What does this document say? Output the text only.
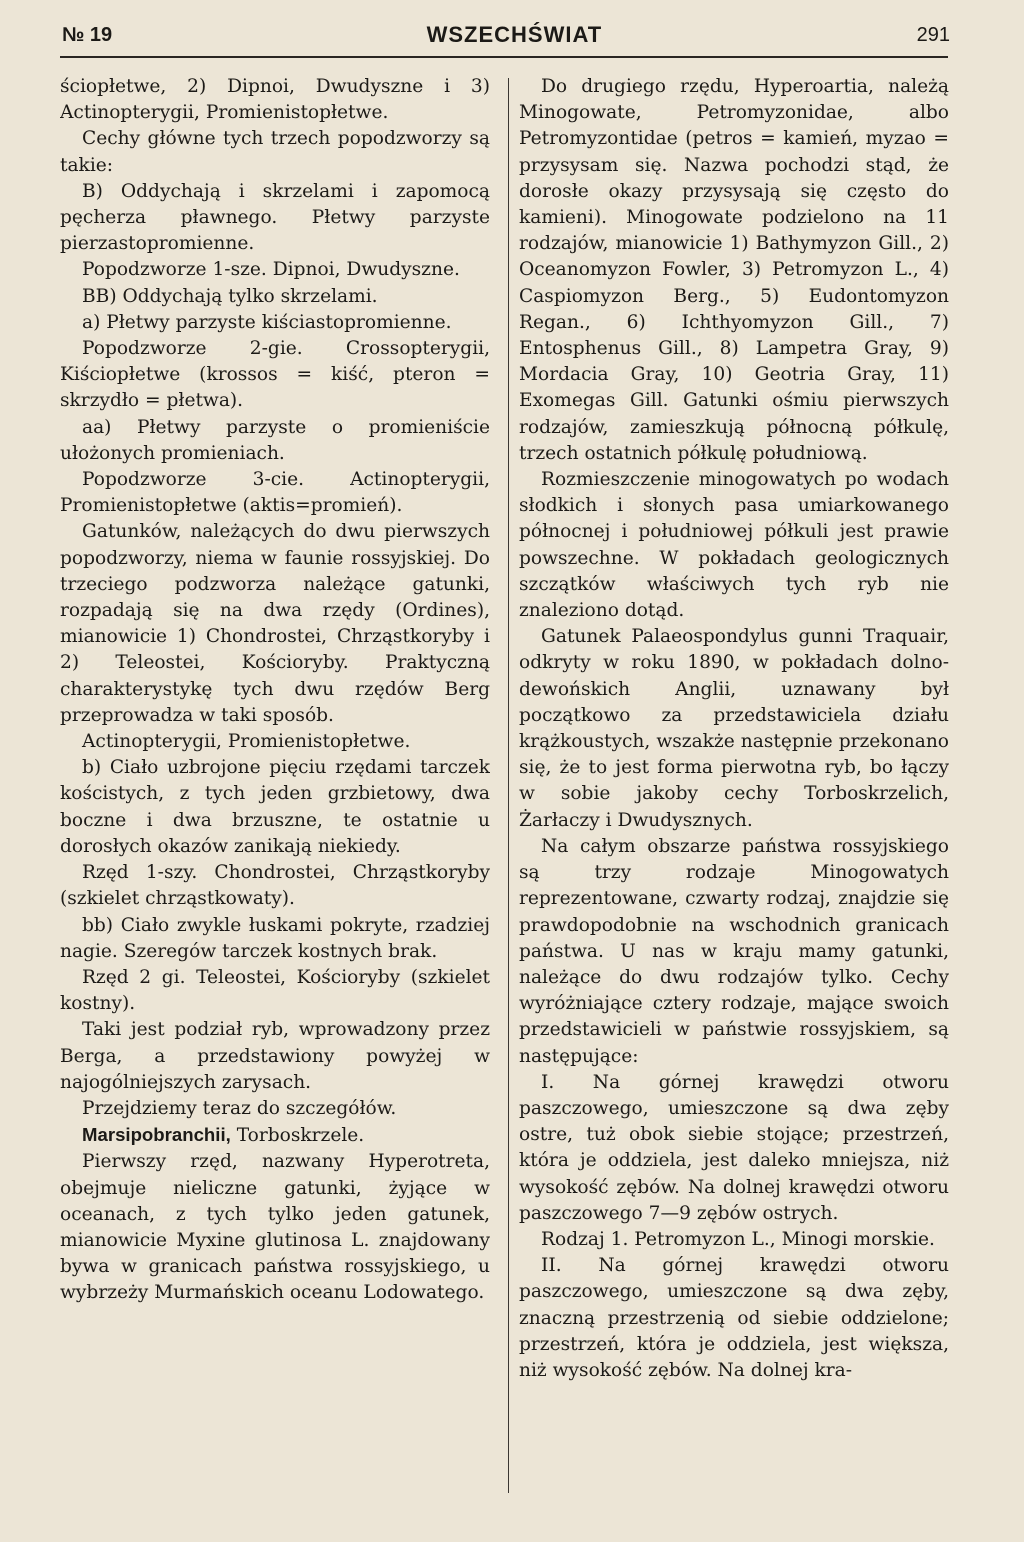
№ 19	WSZECHŚWIAT	291

ściopłetwe, 2) Dipnoi, Dwudyszne i 3) Actinopterygii, Promienistopłetwe.

Cechy główne tych trzech popodzworzy są takie:

B) Oddychają i skrzelami i zapomocą pęcherza pławnego. Płetwy parzyste pierzastopromienne.

Popodzworze 1-sze. Dipnoi, Dwudyszne.

BB) Oddychają tylko skrzelami.

a) Płetwy parzyste kiściastopromienne.

Popodzworze 2-gie. Crossopterygii, Kiściopłetwe (krossos = kiść, pteron = skrzydło = płetwa).

aa) Płetwy parzyste o promieniście ułożonych promieniach.

Popodzworze 3-cie. Actinopterygii, Promienistopłetwe (aktis=promień).

Gatunków, należących do dwu pierwszych popodzworzy, niema w faunie rossyjskiej. Do trzeciego podzworza należące gatunki, rozpadają się na dwa rzędy (Ordines), mianowicie 1) Chondrostei, Chrząstkoryby i 2) Teleostei, Kościoryby. Praktyczną charakterystykę tych dwu rzędów Berg przeprowadza w taki sposób.

Actinopterygii, Promienistopłetwe.

b) Ciało uzbrojone pięciu rzędami tarczek kościstych, z tych jeden grzbietowy, dwa boczne i dwa brzuszne, te ostatnie u dorosłych okazów zanikają niekiedy.

Rzęd 1-szy. Chondrostei, Chrząstkoryby (szkielet chrząstkowaty).

bb) Ciało zwykle łuskami pokryte, rzadziej nagie. Szeregów tarczek kostnych brak.

Rzęd 2 gi. Teleostei, Kościoryby (szkielet kostny).

Taki jest podział ryb, wprowadzony przez Berga, a przedstawiony powyżej w najogólniejszych zarysach.

Przejdziemy teraz do szczegółów.

Marsipobranchii, Torboskrzele.

Pierwszy rzęd, nazwany Hyperotreta, obejmuje nieliczne gatunki, żyjące w oceanach, z tych tylko jeden gatunek, mianowicie Myxine glutinosa L. znajdowany bywa w granicach państwa rossyjskiego, u wybrzeży Murmańskich oceanu Lodowatego.

Do drugiego rzędu, Hyperoartia, należą Minogowate, Petromyzonidae, albo Petromyzontidae (petros = kamień, myzao = przysysam się. Nazwa pochodzi stąd, że dorosłe okazy przysysają się często do kamieni). Minogowate podzielono na 11 rodzajów, mianowicie 1) Bathymyzon Gill., 2) Oceanomyzon Fowler, 3) Petromyzon L., 4) Caspiomyzon Berg., 5) Eudontomyzon Regan., 6) Ichthyomyzon Gill., 7) Entosphenus Gill., 8) Lampetra Gray, 9) Mordacia Gray, 10) Geotria Gray, 11) Exomegas Gill. Gatunki ośmiu pierwszych rodzajów, zamieszkują północną półkulę, trzech ostatnich półkulę południową.

Rozmieszczenie minogowatych po wodach słodkich i słonych pasa umiarkowanego północnej i południowej półkuli jest prawie powszechne. W pokładach geologicznych szczątków właściwych tych ryb nie znaleziono dotąd.

Gatunek Palaeospondylus gunni Traquair, odkryty w roku 1890, w pokładach dolno-dewońskich Anglii, uznawany był początkowo za przedstawiciela działu krążkoustych, wszakże następnie przekonano się, że to jest forma pierwotna ryb, bo łączy w sobie jakoby cechy Torboskrzelich, Żarłaczy i Dwudysznych.

Na całym obszarze państwa rossyjskiego są trzy rodzaje Minogowatych reprezentowane, czwarty rodzaj, znajdzie się prawdopodobnie na wschodnich granicach państwa. U nas w kraju mamy gatunki, należące do dwu rodzajów tylko. Cechy wyróżniające cztery rodzaje, mające swoich przedstawicieli w państwie rossyjskiem, są następujące:

I. Na górnej krawędzi otworu paszczowego, umieszczone są dwa zęby ostre, tuż obok siebie stojące; przestrzeń, która je oddziela, jest daleko mniejsza, niż wysokość zębów. Na dolnej krawędzi otworu paszczowego 7—9 zębów ostrych.

Rodzaj 1. Petromyzon L., Minogi morskie.

II. Na górnej krawędzi otworu paszczowego, umieszczone są dwa zęby, znaczną przestrzenią od siebie oddzielone; przestrzeń, która je oddziela, jest większa, niż wysokość zębów. Na dolnej kra-
